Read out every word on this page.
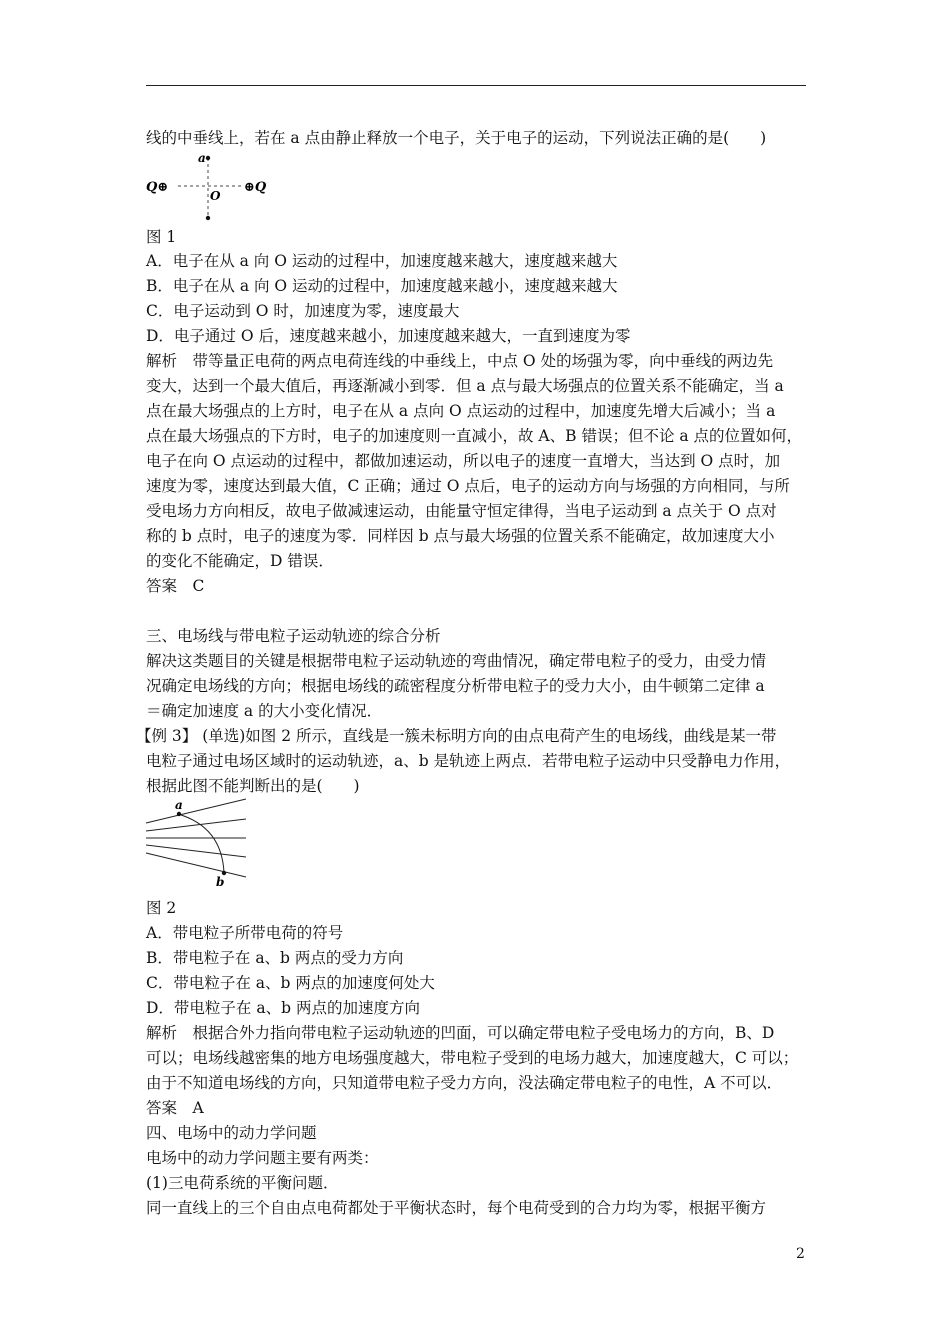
线的中垂线上，若在 a 点由静止释放一个电子，关于电子的运动，下列说法正确的是(　　)
a
O
Q⊕	⊕Q
图 1
A．电子在从 a 向 O 运动的过程中，加速度越来越大，速度越来越大
B．电子在从 a 向 O 运动的过程中，加速度越来越小，速度越来越大
C．电子运动到 O 时，加速度为零，速度最大
D．电子通过 O 后，速度越来越小，加速度越来越大，一直到速度为零
解析　带等量正电荷的两点电荷连线的中垂线上，中点 O 处的场强为零，向中垂线的两边先
变大，达到一个最大值后，再逐渐减小到零．但 a 点与最大场强点的位置关系不能确定，当 a
点在最大场强点的上方时，电子在从 a 点向 O 点运动的过程中，加速度先增大后减小；当 a
点在最大场强点的下方时，电子的加速度则一直减小，故 A、B 错误；但不论 a 点的位置如何，
电子在向 O 点运动的过程中，都做加速运动，所以电子的速度一直增大，当达到 O 点时，加
速度为零，速度达到最大值，C 正确；通过 O 点后，电子的运动方向与场强的方向相同，与所
受电场力方向相反，故电子做减速运动，由能量守恒定律得，当电子运动到 a 点关于 O 点对
称的 b 点时，电子的速度为零．同样因 b 点与最大场强的位置关系不能确定，故加速度大小
的变化不能确定，D 错误．
答案　C
三、电场线与带电粒子运动轨迹的综合分析
解决这类题目的关键是根据带电粒子运动轨迹的弯曲情况，确定带电粒子的受力，由受力情
况确定电场线的方向；根据电场线的疏密程度分析带电粒子的受力大小，由牛顿第二定律 a
＝确定加速度 a 的大小变化情况．
【例 3】 (单选)如图 2 所示，直线是一簇未标明方向的由点电荷产生的电场线，曲线是某一带
电粒子通过电场区域时的运动轨迹，a、b 是轨迹上两点．若带电粒子运动中只受静电力作用，
根据此图不能判断出的是(　　)
a
b
图 2
A．带电粒子所带电荷的符号
B．带电粒子在 a、b 两点的受力方向
C．带电粒子在 a、b 两点的加速度何处大
D．带电粒子在 a、b 两点的加速度方向
解析　根据合外力指向带电粒子运动轨迹的凹面，可以确定带电粒子受电场力的方向，B、D
可以；电场线越密集的地方电场强度越大，带电粒子受到的电场力越大，加速度越大，C 可以；
由于不知道电场线的方向，只知道带电粒子受力方向，没法确定带电粒子的电性，A 不可以．
答案　A
四、电场中的动力学问题
电场中的动力学问题主要有两类：
(1)三电荷系统的平衡问题．
同一直线上的三个自由点电荷都处于平衡状态时，每个电荷受到的合力均为零，根据平衡方
2
